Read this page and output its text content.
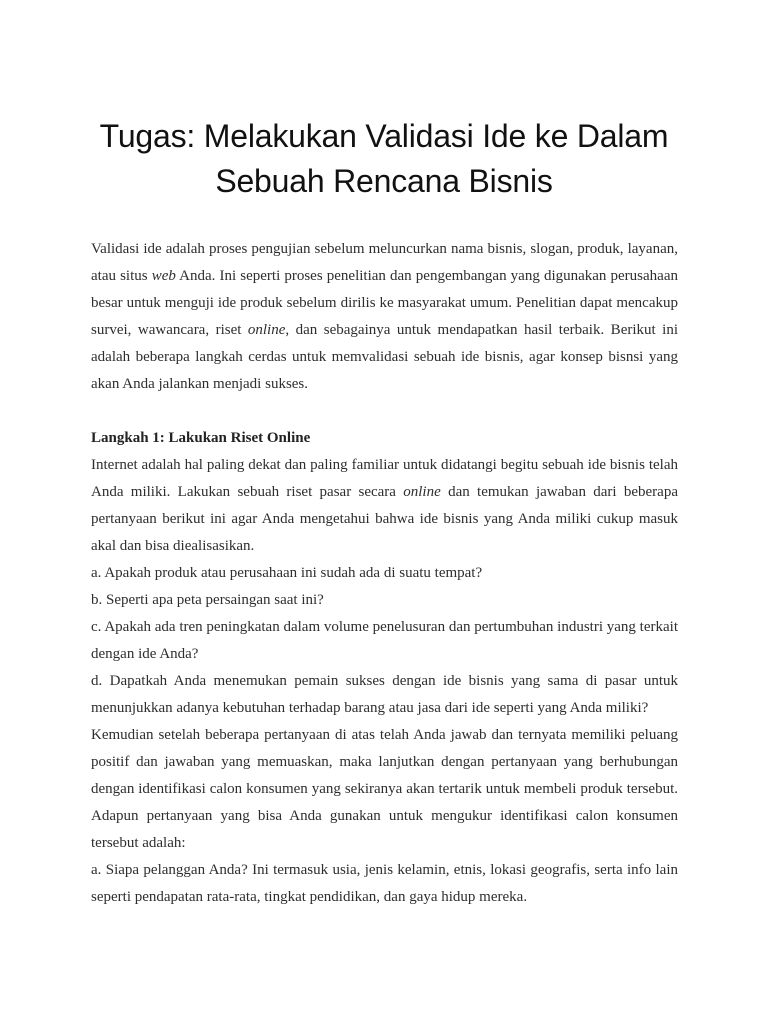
Tugas: Melakukan Validasi Ide ke Dalam Sebuah Rencana Bisnis

Validasi ide adalah proses pengujian sebelum meluncurkan nama bisnis, slogan, produk, layanan, atau situs web Anda. Ini seperti proses penelitian dan pengembangan yang digunakan perusahaan besar untuk menguji ide produk sebelum dirilis ke masyarakat umum. Penelitian dapat mencakup survei, wawancara, riset online, dan sebagainya untuk mendapatkan hasil terbaik. Berikut ini adalah beberapa langkah cerdas untuk memvalidasi sebuah ide bisnis, agar konsep bisnsi yang akan Anda jalankan menjadi sukses.

Langkah 1: Lakukan Riset Online

Internet adalah hal paling dekat dan paling familiar untuk didatangi begitu sebuah ide bisnis telah Anda miliki. Lakukan sebuah riset pasar secara online dan temukan jawaban dari beberapa pertanyaan berikut ini agar Anda mengetahui bahwa ide bisnis yang Anda miliki cukup masuk akal dan bisa diealisasikan.

a. Apakah produk atau perusahaan ini sudah ada di suatu tempat?

b. Seperti apa peta persaingan saat ini?

c. Apakah ada tren peningkatan dalam volume penelusuran dan pertumbuhan industri yang terkait dengan ide Anda?

d. Dapatkah Anda menemukan pemain sukses dengan ide bisnis yang sama di pasar untuk menunjukkan adanya kebutuhan terhadap barang atau jasa dari ide seperti yang Anda miliki?

Kemudian setelah beberapa pertanyaan di atas telah Anda jawab dan ternyata memiliki peluang positif dan jawaban yang memuaskan, maka lanjutkan dengan pertanyaan yang berhubungan dengan identifikasi calon konsumen yang sekiranya akan tertarik untuk membeli produk tersebut. Adapun pertanyaan yang bisa Anda gunakan untuk mengukur identifikasi calon konsumen tersebut adalah:

a. Siapa pelanggan Anda? Ini termasuk usia, jenis kelamin, etnis, lokasi geografis, serta info lain seperti pendapatan rata-rata, tingkat pendidikan, dan gaya hidup mereka.
